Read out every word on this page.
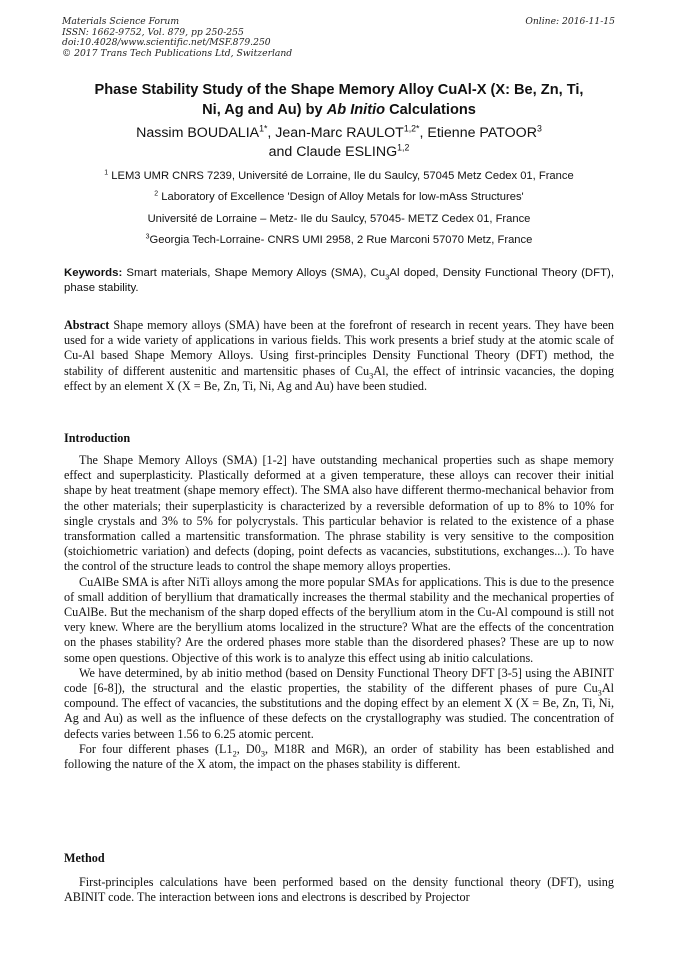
Materials Science Forum
ISSN: 1662-9752, Vol. 879, pp 250-255
doi:10.4028/www.scientific.net/MSF.879.250
© 2017 Trans Tech Publications Ltd, Switzerland
Online: 2016-11-15
Phase Stability Study of the Shape Memory Alloy CuAl-X (X: Be, Zn, Ti,
Ni, Ag and Au) by Ab Initio Calculations
Nassim $BOUDALIA^{1*}$, Jean-Marc $RAULOT^{1,2*}$, Etienne PATOOR$^3$
and Claude ESLING$^{1,2}$
$^1$ LEM3 UMR CNRS 7239, Université de Lorraine, Ile du Saulcy, 57045 Metz Cedex 01, France
$^2$ Laboratory of Excellence 'Design of Alloy Metals for low-mAss Structures'
Université de Lorraine – Metz- Ile du Saulcy, 57045- METZ Cedex 01, France
$^3$Georgia Tech-Lorraine- CNRS UMI 2958, 2 Rue Marconi 57070 Metz, France
Keywords: Smart materials, Shape Memory Alloys (SMA), $Cu_3Al$ doped, Density Functional Theory (DFT), phase stability.

Abstract Shape memory alloys (SMA) have been at the forefront of research in recent years. They have been used for a wide variety of applications in various fields. This work presents a brief study at the atomic scale of Cu-Al based Shape Memory Alloys. Using first-principles Density Functional Theory (DFT) method, the stability of different austenitic and martensitic phases of $Cu_3Al$, the effect of intrinsic vacancies, the doping effect by an element X (X = Be, Zn, Ti, Ni, Ag and Au) have been studied.

Introduction

The Shape Memory Alloys (SMA) [1-2] have outstanding mechanical properties such as shape memory effect and superplasticity. Plastically deformed at a given temperature, these alloys can recover their initial shape by heat treatment (shape memory effect). The SMA also have different thermo-mechanical behavior from the other materials; their superplasticity is characterized by a reversible deformation of up to 8% to 10% for single crystals and 3% to 5% for polycrystals. This particular behavior is related to the existence of a phase transformation called a martensitic transformation. The phrase stability is very sensitive to the composition (stoichiometric variation) and defects (doping, point defects as vacancies, substitutions, exchanges...). To have the control of the structure leads to control the shape memory alloys properties.

CuAlBe SMA is after NiTi alloys among the more popular SMAs for applications. This is due to the presence of small addition of beryllium that dramatically increases the thermal stability and the mechanical properties of CuAlBe. But the mechanism of the sharp doped effects of the beryllium atom in the Cu-Al compound is still not very knew. Where are the beryllium atoms localized in the structure? What are the effects of the concentration on the phases stability? Are the ordered phases more stable than the disordered phases? These are up to now some open questions. Objective of this work is to analyze this effect using ab initio calculations.

We have determined, by ab initio method (based on Density Functional Theory DFT [3-5] using the ABINIT code [6-8]), the structural and the elastic properties, the stability of the different phases of pure $Cu_3Al$ compound. The effect of vacancies, the substitutions and the doping effect by an element X (X = Be, Zn, Ti, Ni, Ag and Au) as well as the influence of these defects on the crystallography was studied. The concentration of defects varies between 1.56 to 6.25 atomic percent.

For four different phases ($L1_2$, $D0_3$, M18R and M6R), an order of stability has been established and following the nature of the X atom, the impact on the phases stability is different.

Method

First-principles calculations have been performed based on the density functional theory (DFT), using ABINIT code. The interaction between ions and electrons is described by Projector
